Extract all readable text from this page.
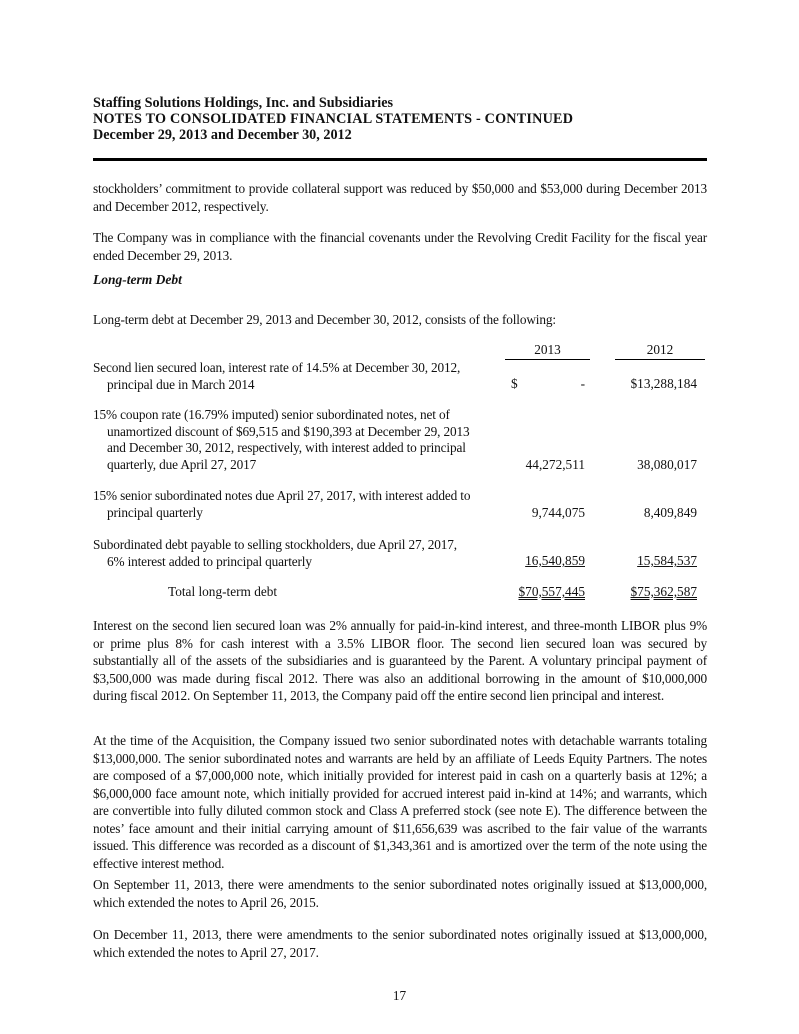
Staffing Solutions Holdings, Inc. and Subsidiaries
NOTES TO CONSOLIDATED FINANCIAL STATEMENTS - CONTINUED
December 29, 2013 and December 30, 2012
stockholders’ commitment to provide collateral support was reduced by $50,000 and $53,000 during December 2013 and December 2012, respectively.
The Company was in compliance with the financial covenants under the Revolving Credit Facility for the fiscal year ended December 29, 2013.
Long-term Debt
Long-term debt at December 29, 2013 and December 30, 2012, consists of the following:
2013	2012
Second lien secured loan, interest rate of 14.5% at December 30, 2012, principal due in March 2014	$	-	$13,288,184
15% coupon rate (16.79% imputed) senior subordinated notes, net of unamortized discount of $69,515 and $190,393 at December 29, 2013 and December 30, 2012, respectively, with interest added to principal quarterly, due April 27, 2017	44,272,511	38,080,017
15% senior subordinated notes due April 27, 2017, with interest added to principal quarterly	9,744,075	8,409,849
Subordinated debt payable to selling stockholders, due April 27, 2017, 6% interest added to principal quarterly	16,540,859	15,584,537
Total long-term debt	$70,557,445	$75,362,587
Interest on the second lien secured loan was 2% annually for paid-in-kind interest, and three-month LIBOR plus 9% or prime plus 8% for cash interest with a 3.5% LIBOR floor. The second lien secured loan was secured by substantially all of the assets of the subsidiaries and is guaranteed by the Parent. A voluntary principal payment of $3,500,000 was made during fiscal 2012. There was also an additional borrowing in the amount of $10,000,000 during fiscal 2012. On September 11, 2013, the Company paid off the entire second lien principal and interest.
At the time of the Acquisition, the Company issued two senior subordinated notes with detachable warrants totaling $13,000,000. The senior subordinated notes and warrants are held by an affiliate of Leeds Equity Partners. The notes are composed of a $7,000,000 note, which initially provided for interest paid in cash on a quarterly basis at 12%; a $6,000,000 face amount note, which initially provided for accrued interest paid in-kind at 14%; and warrants, which are convertible into fully diluted common stock and Class A preferred stock (see note E). The difference between the notes’ face amount and their initial carrying amount of $11,656,639 was ascribed to the fair value of the warrants issued. This difference was recorded as a discount of $1,343,361 and is amortized over the term of the note using the effective interest method.
On September 11, 2013, there were amendments to the senior subordinated notes originally issued at $13,000,000, which extended the notes to April 26, 2015.
On December 11, 2013, there were amendments to the senior subordinated notes originally issued at $13,000,000, which extended the notes to April 27, 2017.
17
